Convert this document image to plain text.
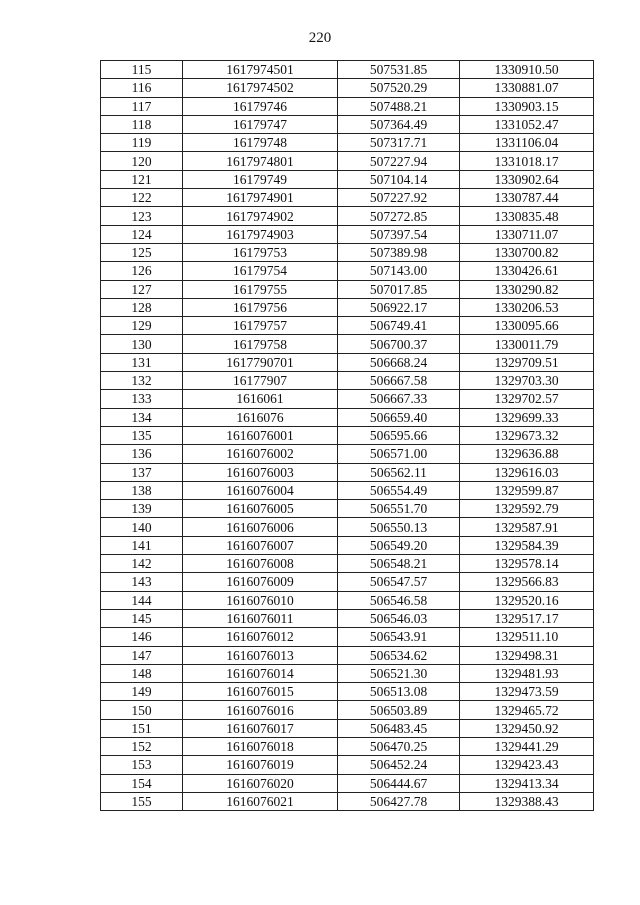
220
115	1617974501	507531.85	1330910.50
116	1617974502	507520.29	1330881.07
117	16179746	507488.21	1330903.15
118	16179747	507364.49	1331052.47
119	16179748	507317.71	1331106.04
120	1617974801	507227.94	1331018.17
121	16179749	507104.14	1330902.64
122	1617974901	507227.92	1330787.44
123	1617974902	507272.85	1330835.48
124	1617974903	507397.54	1330711.07
125	16179753	507389.98	1330700.82
126	16179754	507143.00	1330426.61
127	16179755	507017.85	1330290.82
128	16179756	506922.17	1330206.53
129	16179757	506749.41	1330095.66
130	16179758	506700.37	1330011.79
131	1617790701	506668.24	1329709.51
132	16177907	506667.58	1329703.30
133	1616061	506667.33	1329702.57
134	1616076	506659.40	1329699.33
135	1616076001	506595.66	1329673.32
136	1616076002	506571.00	1329636.88
137	1616076003	506562.11	1329616.03
138	1616076004	506554.49	1329599.87
139	1616076005	506551.70	1329592.79
140	1616076006	506550.13	1329587.91
141	1616076007	506549.20	1329584.39
142	1616076008	506548.21	1329578.14
143	1616076009	506547.57	1329566.83
144	1616076010	506546.58	1329520.16
145	1616076011	506546.03	1329517.17
146	1616076012	506543.91	1329511.10
147	1616076013	506534.62	1329498.31
148	1616076014	506521.30	1329481.93
149	1616076015	506513.08	1329473.59
150	1616076016	506503.89	1329465.72
151	1616076017	506483.45	1329450.92
152	1616076018	506470.25	1329441.29
153	1616076019	506452.24	1329423.43
154	1616076020	506444.67	1329413.34
155	1616076021	506427.78	1329388.43
